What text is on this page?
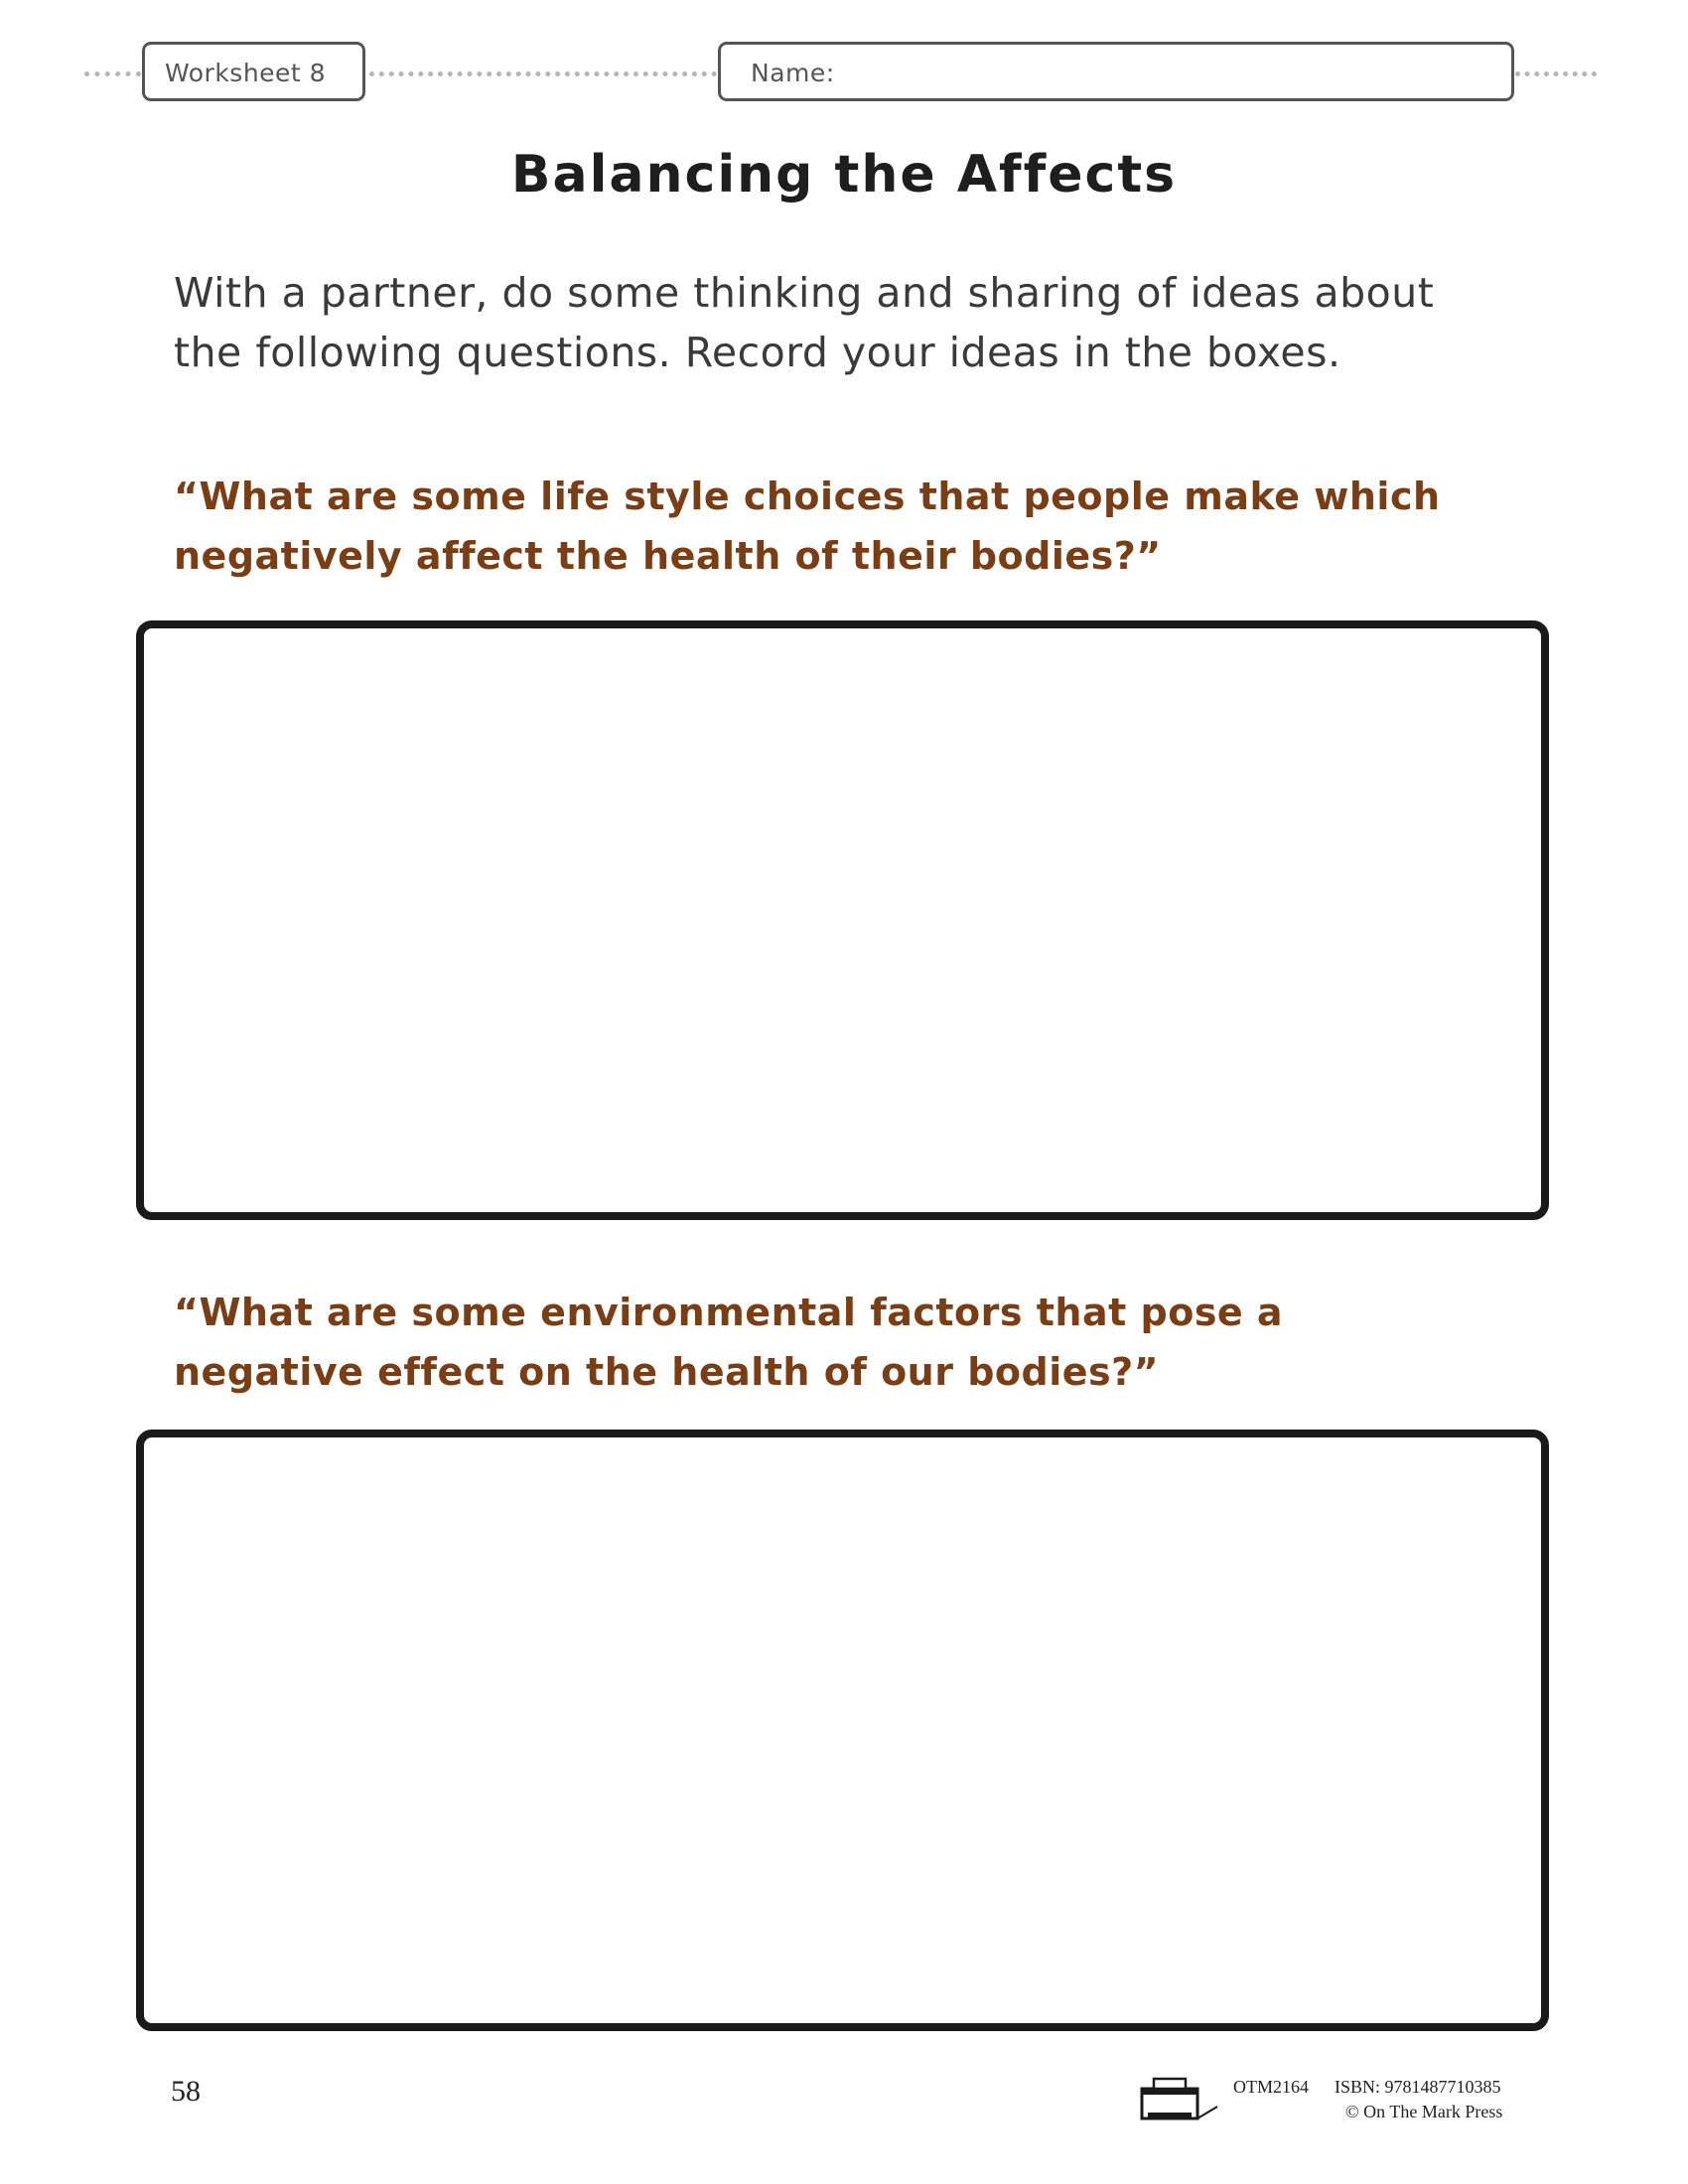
Worksheet 8	Name:
Balancing the Affects

With a partner, do some thinking and sharing of ideas about the following questions. Record your ideas in the boxes.

“What are some life style choices that people make which negatively affect the health of their bodies?”

“What are some environmental factors that pose a negative effect on the health of our bodies?”

58	OTM2164 ISBN: 9781487710385
© On The Mark Press
